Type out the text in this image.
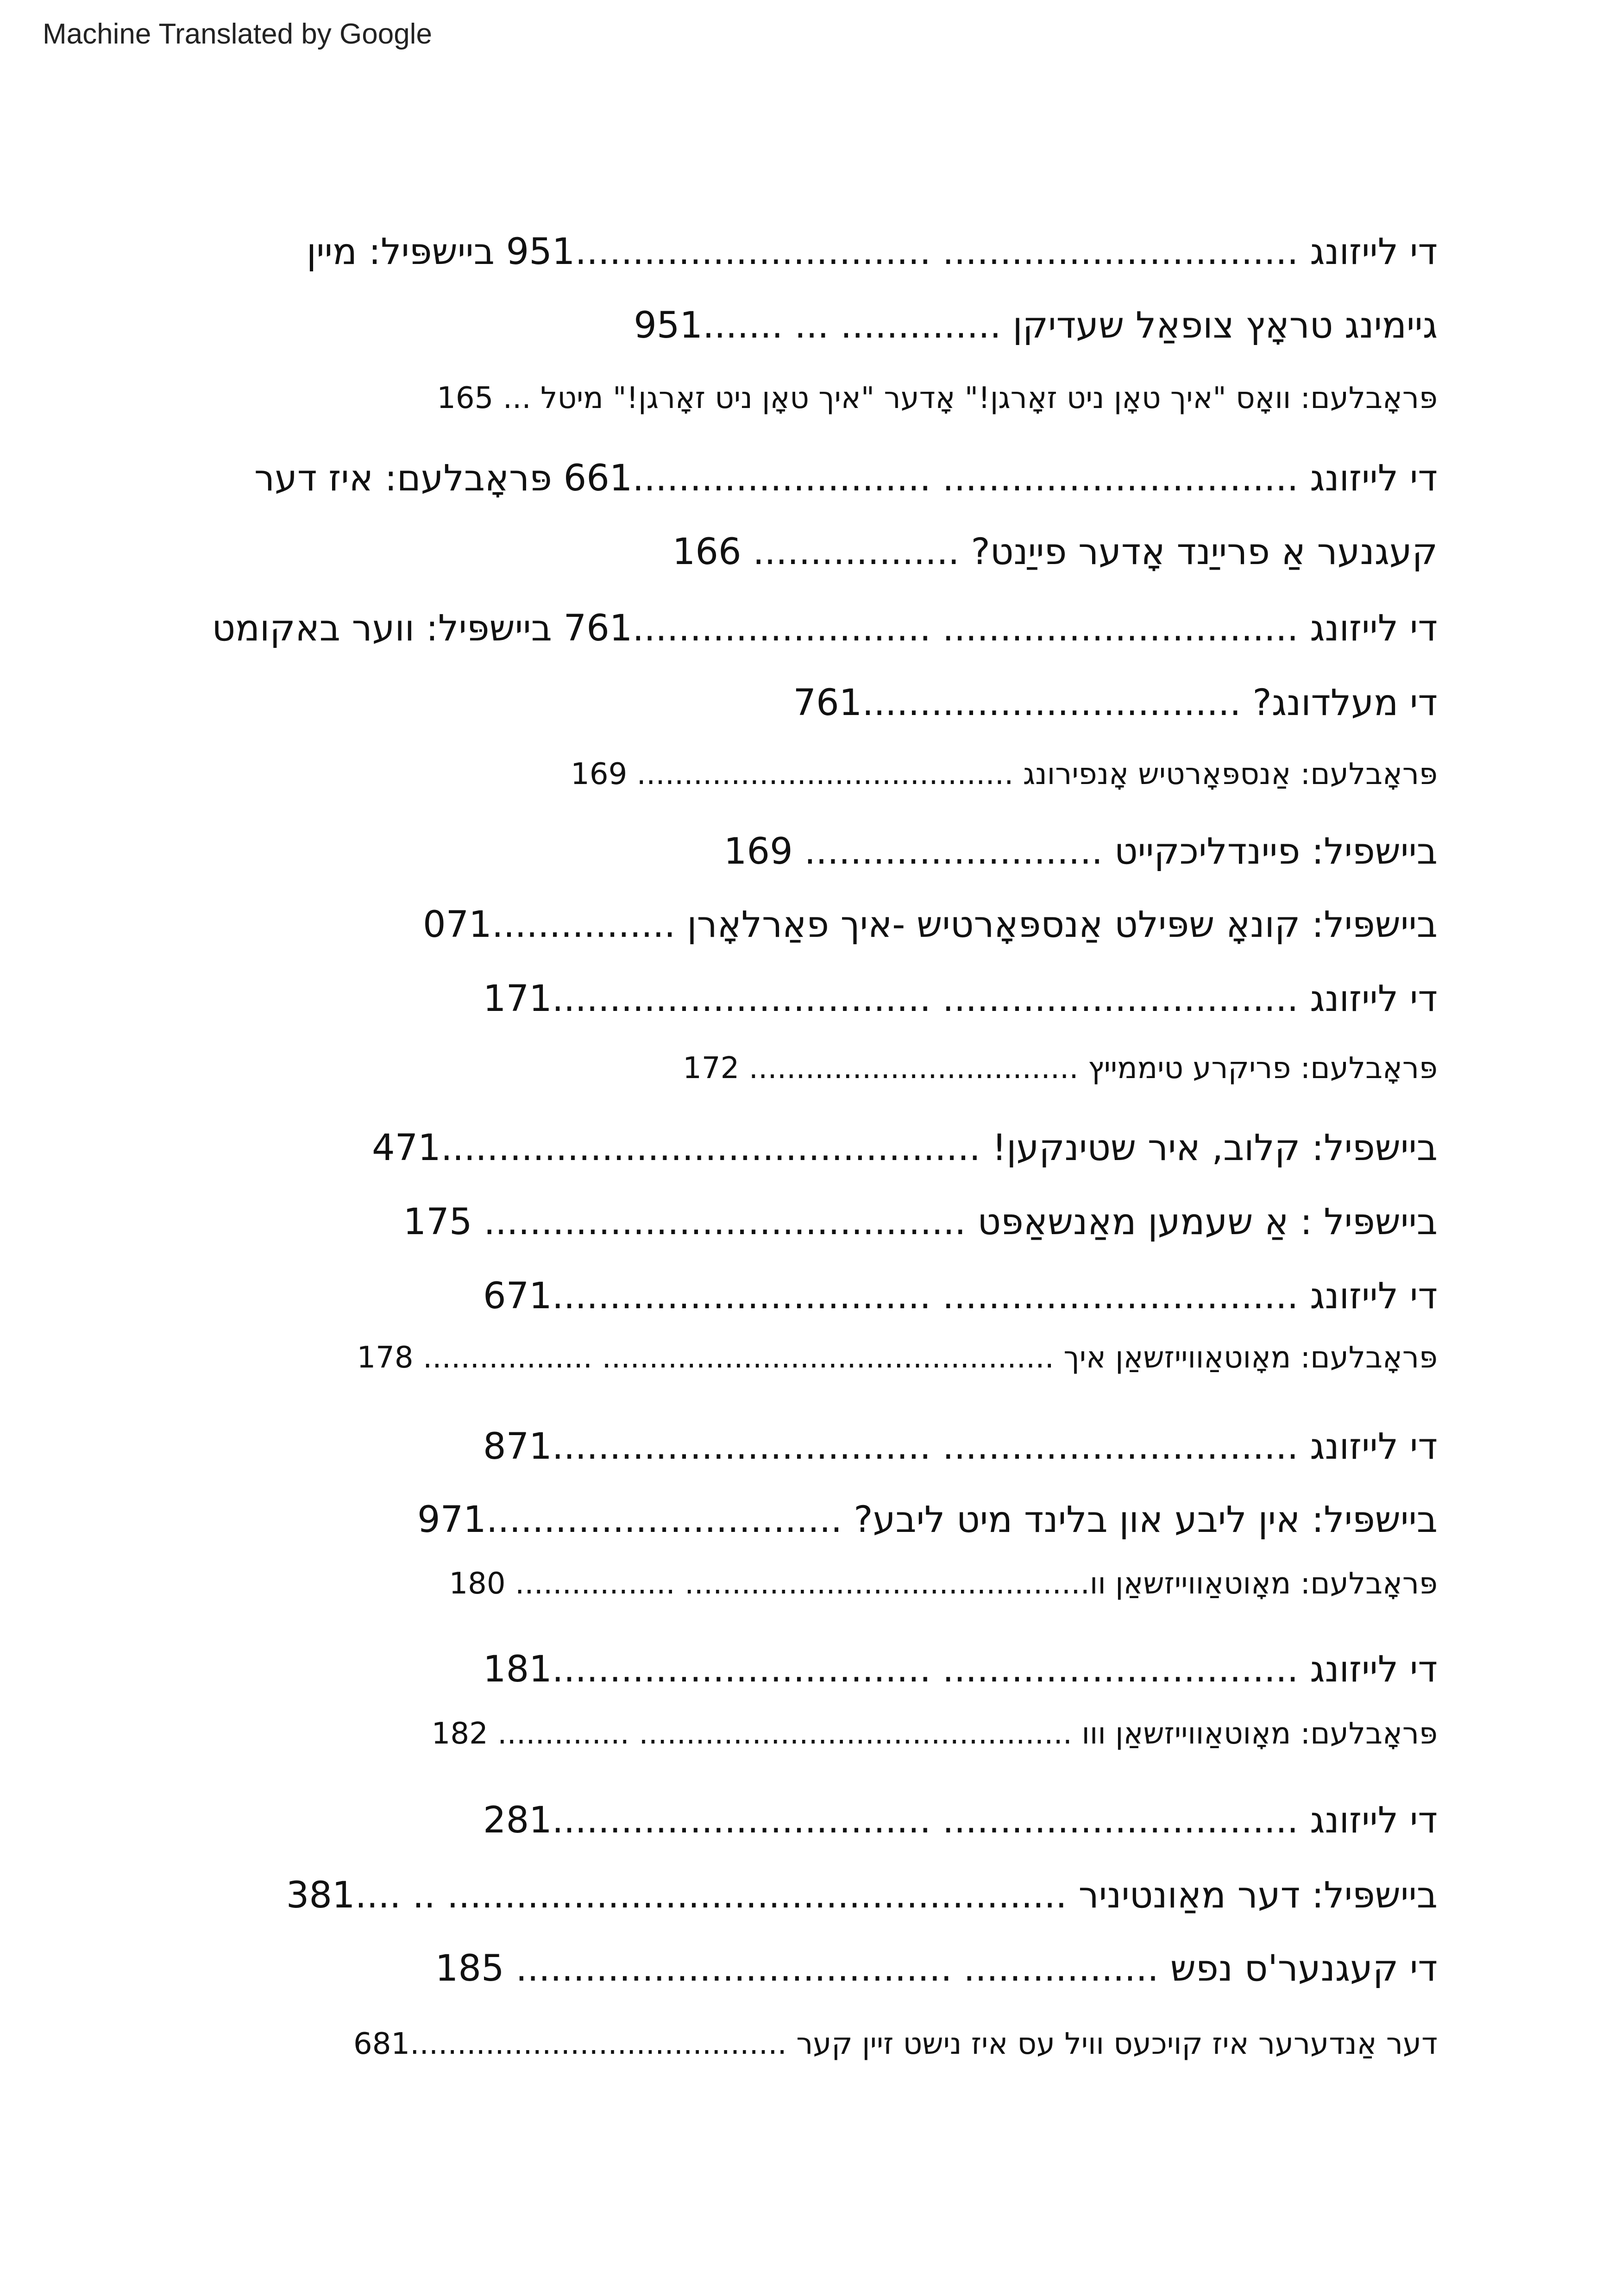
Machine Translated by Google
די לייזונג ............................... ...............................951 ביישפּיל: מיין
גיימינג טראָץ צופאַל שעדיקן .............. ... .......951
פּראָבלעם: וואָס "איך טאָן ניט זאָרגן!" אָדער "איך טאָן ניט זאָרגן!" מיטל ... 165
די לייזונג ............................... ..........................661 פּראָבלעם: איז דער
קעגנער אַ פרייַנד אָדער פייַנט? .................. 166
די לייזונג ............................... ..........................761 ביישפּיל: ווער באקומט
די מעלדונג? .................................761
פּראָבלעם: אַנספּאָרטיש אָנפירונג ........................................ 169
ביישפיל: פיינדליכקייט .......................... 169
ביישפּיל: קונאָ שפּילט אַנספּאָרטיש -איך פאַרלאָרן ................071
די לייזונג ............................... .................................171
פּראָבלעם: פריקרע טיממייץ ................................... 172
ביישפיל: קלוב, איר שטינקען! ...............................................471
ביישפּיל : אַ שעמען מאַנשאַפּט .......................................... 175
די לייזונג ............................... .................................671
פּראָבלעם: מאָוטאַווייזשאַן איך ................................................ .................. 178
די לייזונג ............................... .................................871
ביישפּיל: אין ליבע און בלינד מיט ליבע? ...............................971
פּראָבלעם: מאָוטאַווייזשאַן וו........................................... ................. 180
די לייזונג ............................... .................................181
פּראָבלעם: מאָוטאַווייזשאַן ווו .............................................. .............. 182
די לייזונג ............................... .................................281
ביישפּיל: דער מאַונטיניר ...................................................... .. ....381
די קעגנער'ס נפש ................. ...................................... 185
דער אַנדערער איז קויכעס וויל עס איז נישט זיין קער ........................................681
